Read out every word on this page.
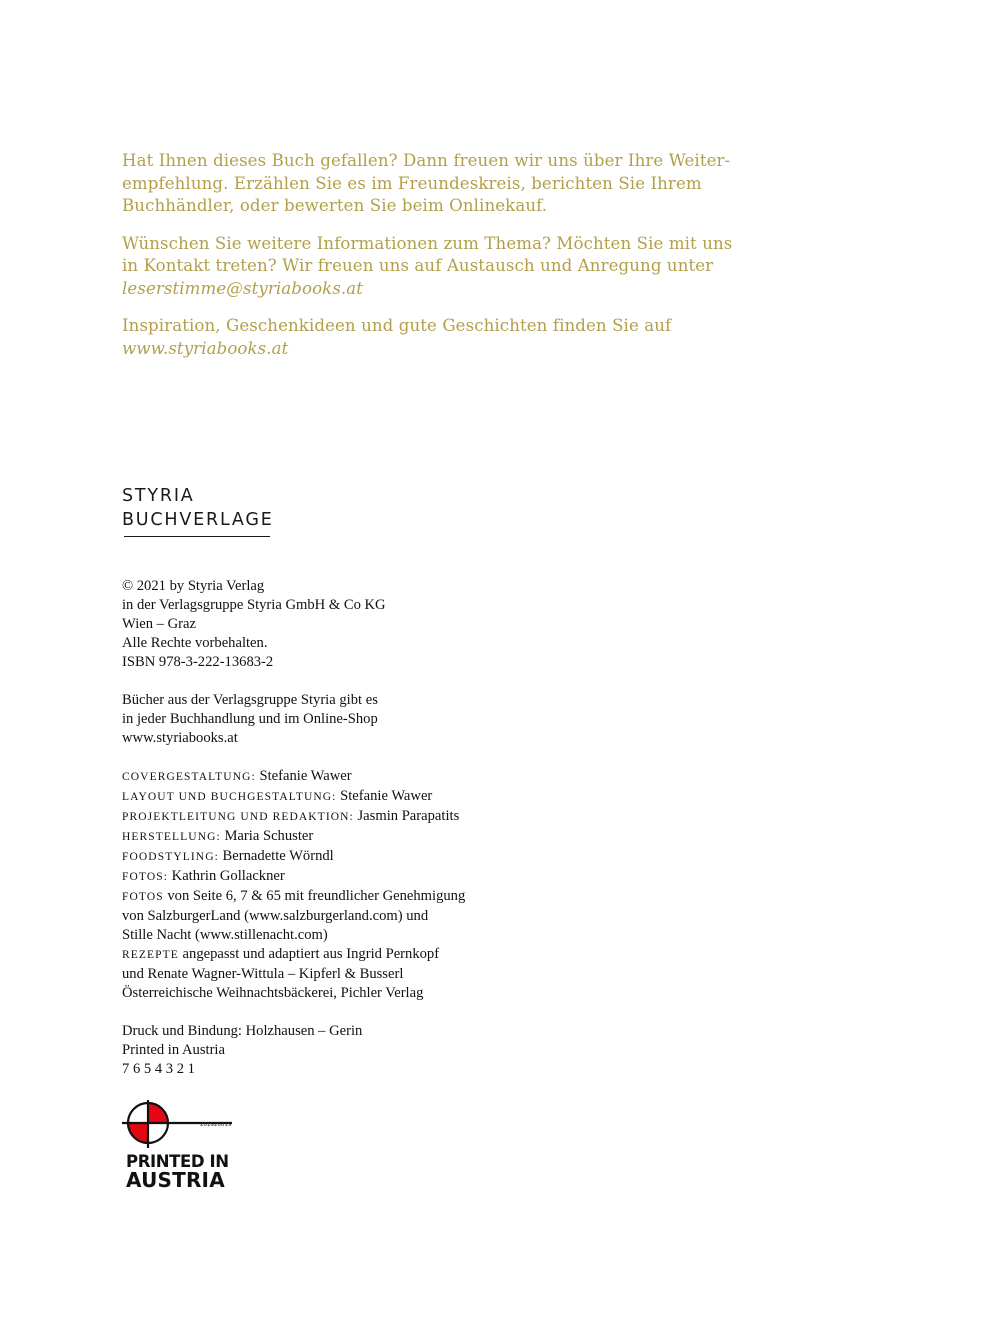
Hat Ihnen dieses Buch gefallen? Dann freuen wir uns über Ihre Weiter-
empfehlung. Erzählen Sie es im Freundeskreis, berichten Sie Ihrem
Buchhändler, oder bewerten Sie beim Onlinekauf.

Wünschen Sie weitere Informationen zum Thema? Möchten Sie mit uns
in Kontakt treten? Wir freuen uns auf Austausch und Anregung unter
leserstimme@styriabooks.at

Inspiration, Geschenkideen und gute Geschichten finden Sie auf
www.styriabooks.at

STYRIA
BUCHVERLAGE
© 2021 by Styria Verlag
in der Verlagsgruppe Styria GmbH & Co KG
Wien – Graz
Alle Rechte vorbehalten.
ISBN 978-3-222-13683-2
Bücher aus der Verlagsgruppe Styria gibt es
in jeder Buchhandlung und im Online-Shop
www.styriabooks.at
COVERGESTALTUNG: Stefanie Wawer
LAYOUT UND BUCHGESTALTUNG: Stefanie Wawer
PROJEKTLEITUNG UND REDAKTION: Jasmin Parapatits
HERSTELLUNG: Maria Schuster
FOODSTYLING: Bernadette Wörndl
FOTOS: Kathrin Gollackner
FOTOS von Seite 6, 7 & 65 mit freundlicher Genehmigung
von SalzburgerLand (www.salzburgerland.com) und
Stille Nacht (www.stillenacht.com)
REZEPTE angepasst und adaptiert aus Ingrid Pernkopf
und Renate Wagner-Wittula – Kipferl & Busserl
Österreichische Weihnachtsbäckerei, Pichler Verlag
Druck und Bindung: Holzhausen – Gerin
Printed in Austria
7 6 5 4 3 2 1
201920019
PRINTED IN
AUSTRIA
